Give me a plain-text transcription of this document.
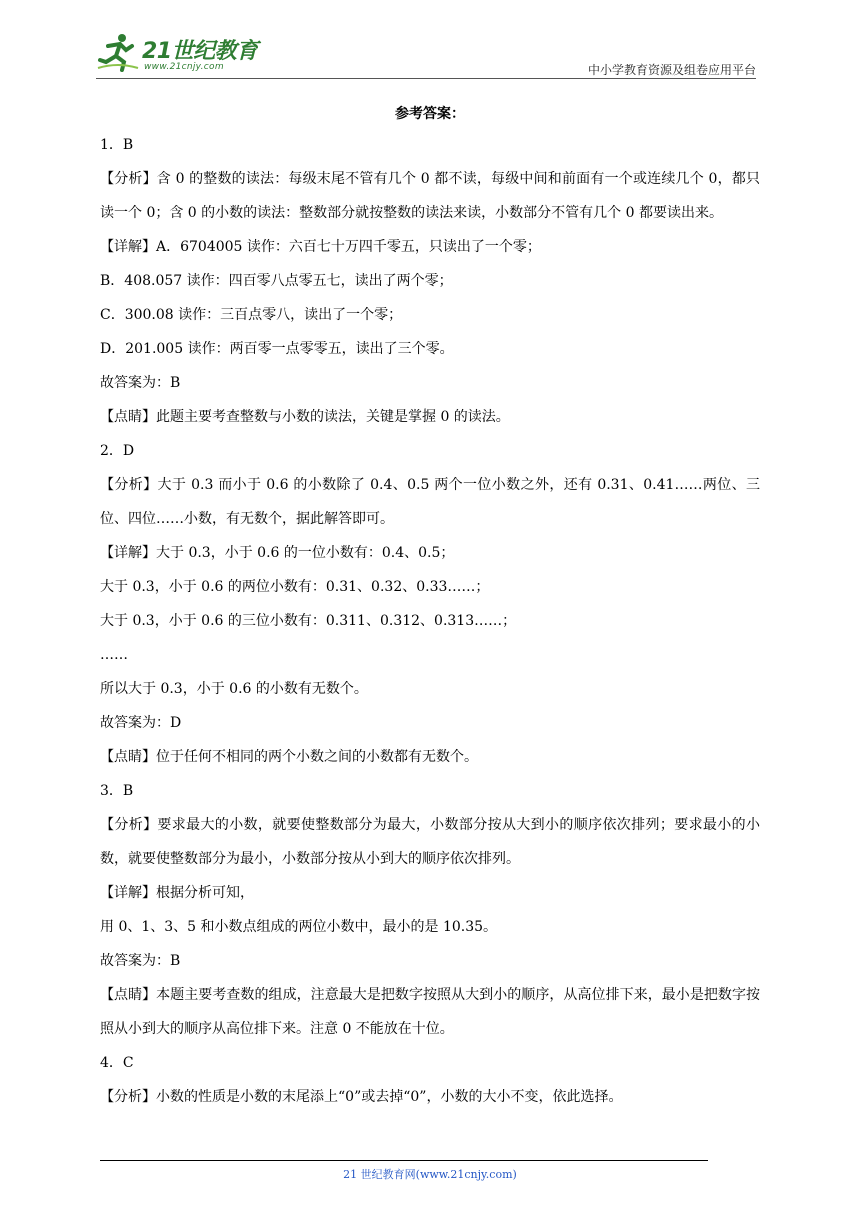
21世纪教育
www.21cnjy.com	中小学教育资源及组卷应用平台
参考答案：
1．B
【分析】含 0 的整数的读法：每级末尾不管有几个 0 都不读，每级中间和前面有一个或连续几个 0，都只读一个 0；含 0 的小数的读法：整数部分就按整数的读法来读，小数部分不管有几个 0 都要读出来。
【详解】A．6704005 读作：六百七十万四千零五，只读出了一个零；
B．408.057 读作：四百零八点零五七，读出了两个零；
C．300.08 读作：三百点零八，读出了一个零；
D．201.005 读作：两百零一点零零五，读出了三个零。
故答案为：B
【点睛】此题主要考查整数与小数的读法，关键是掌握 0 的读法。
2．D
【分析】大于 0.3 而小于 0.6 的小数除了 0.4、0.5 两个一位小数之外，还有 0.31、0.41……两位、三位、四位……小数，有无数个，据此解答即可。
【详解】大于 0.3，小于 0.6 的一位小数有：0.4、0.5；
大于 0.3，小于 0.6 的两位小数有：0.31、0.32、0.33……；
大于 0.3，小于 0.6 的三位小数有：0.311、0.312、0.313……；
……
所以大于 0.3，小于 0.6 的小数有无数个。
故答案为：D
【点睛】位于任何不相同的两个小数之间的小数都有无数个。
3．B
【分析】要求最大的小数，就要使整数部分为最大，小数部分按从大到小的顺序依次排列；要求最小的小数，就要使整数部分为最小，小数部分按从小到大的顺序依次排列。
【详解】根据分析可知，
用 0、1、3、5 和小数点组成的两位小数中，最小的是 10.35。
故答案为：B
【点睛】本题主要考查数的组成，注意最大是把数字按照从大到小的顺序，从高位排下来，最小是把数字按照从小到大的顺序从高位排下来。注意 0 不能放在十位。
4．C
【分析】小数的性质是小数的末尾添上“0”或去掉“0”，小数的大小不变，依此选择。
21 世纪教育网(www.21cnjy.com)
